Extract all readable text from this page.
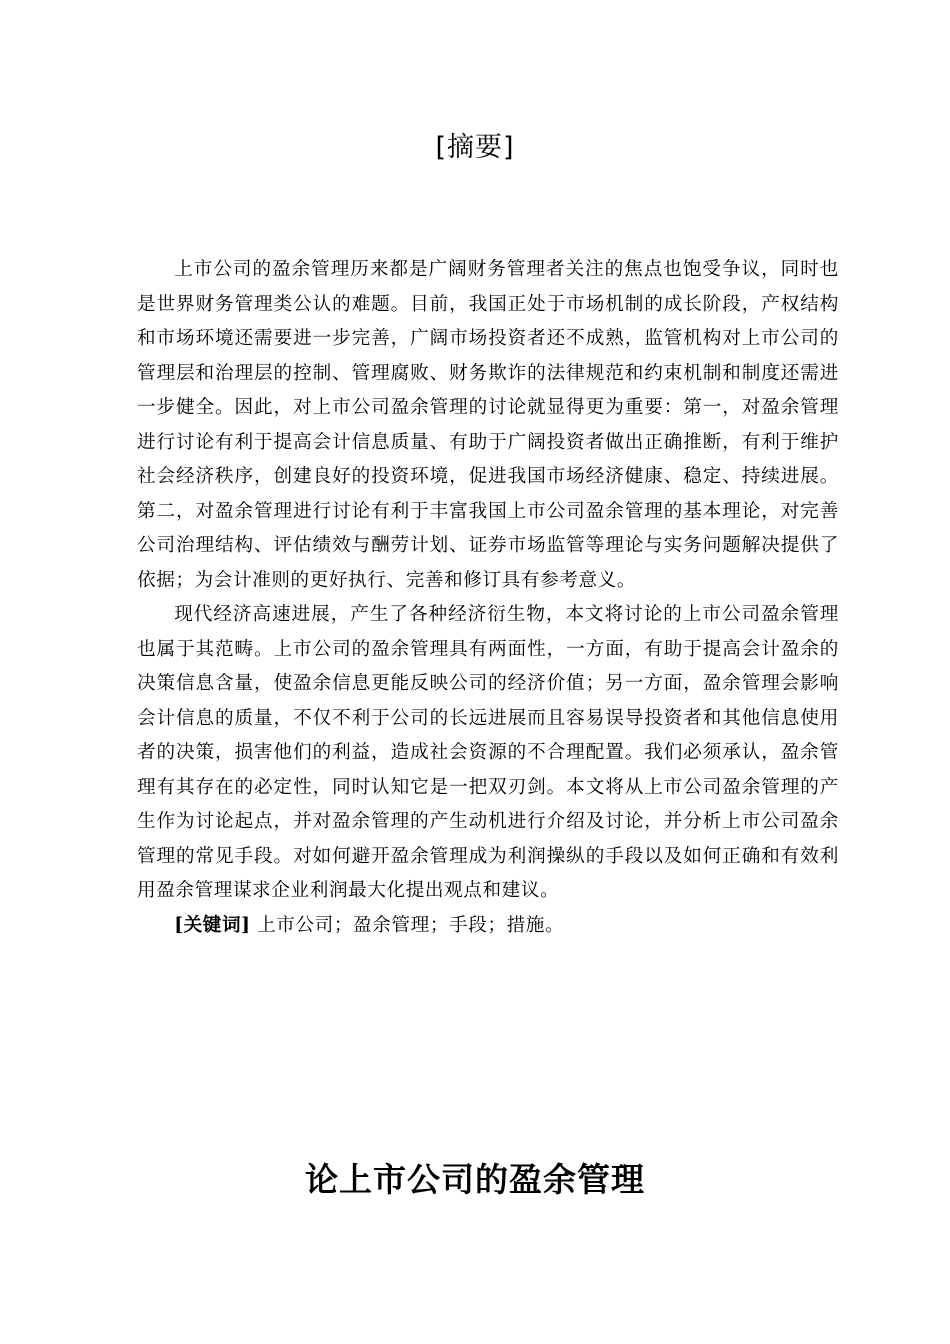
[摘要]

上市公司的盈余管理历来都是广阔财务管理者关注的焦点也饱受争议，同时也是世界财务管理类公认的难题。目前，我国正处于市场机制的成长阶段，产权结构和市场环境还需要进一步完善，广阔市场投资者还不成熟，监管机构对上市公司的管理层和治理层的控制、管理腐败、财务欺诈的法律规范和约束机制和制度还需进一步健全。因此，对上市公司盈余管理的讨论就显得更为重要：第一，对盈余管理进行讨论有利于提高会计信息质量、有助于广阔投资者做出正确推断，有利于维护社会经济秩序，创建良好的投资环境，促进我国市场经济健康、稳定、持续进展。第二，对盈余管理进行讨论有利于丰富我国上市公司盈余管理的基本理论，对完善公司治理结构、评估绩效与酬劳计划、证券市场监管等理论与实务问题解决提供了依据；为会计准则的更好执行、完善和修订具有参考意义。

现代经济高速进展，产生了各种经济衍生物，本文将讨论的上市公司盈余管理也属于其范畴。上市公司的盈余管理具有两面性，一方面，有助于提高会计盈余的决策信息含量，使盈余信息更能反映公司的经济价值；另一方面，盈余管理会影响会计信息的质量，不仅不利于公司的长远进展而且容易误导投资者和其他信息使用者的决策，损害他们的利益，造成社会资源的不合理配置。我们必须承认，盈余管理有其存在的必定性，同时认知它是一把双刃剑。本文将从上市公司盈余管理的产生作为讨论起点，并对盈余管理的产生动机进行介绍及讨论，并分析上市公司盈余管理的常见手段。对如何避开盈余管理成为利润操纵的手段以及如何正确和有效利用盈余管理谋求企业利润最大化提出观点和建议。

[关键词] 上市公司；盈余管理；手段；措施。

论上市公司的盈余管理
